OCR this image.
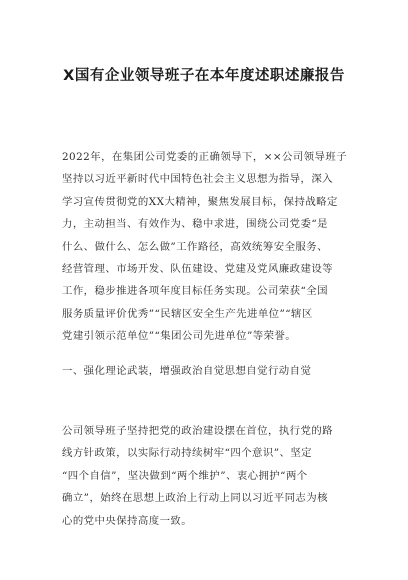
X国有企业领导班子在本年度述职述廉报告
2022年，在集团公司党委的正确领导下，××公司领导班子
坚持以习近平新时代中国特色社会主义思想为指导，深入
学习宣传贯彻党的XX大精神，聚焦发展目标，保持战略定
力，主动担当、有效作为、稳中求进，围绕公司党委“是
什么、做什么、怎么做”工作路径，高效统筹安全服务、
经营管理、市场开发、队伍建设、党建及党风廉政建设等
工作，稳步推进各项年度目标任务实现。公司荣获“全国
服务质量评价优秀”“民辖区安全生产先进单位”“辖区
党建引领示范单位”“集团公司先进单位”等荣誉。
一、强化理论武装，增强政治自觉思想自觉行动自觉
公司领导班子坚持把党的政治建设摆在首位，执行党的路
线方针政策，以实际行动持续树牢“四个意识”、坚定
“四个自信”，坚决做到“两个维护”、衷心拥护“两个
确立”，始终在思想上政治上行动上同以习近平同志为核
心的党中央保持高度一致。
